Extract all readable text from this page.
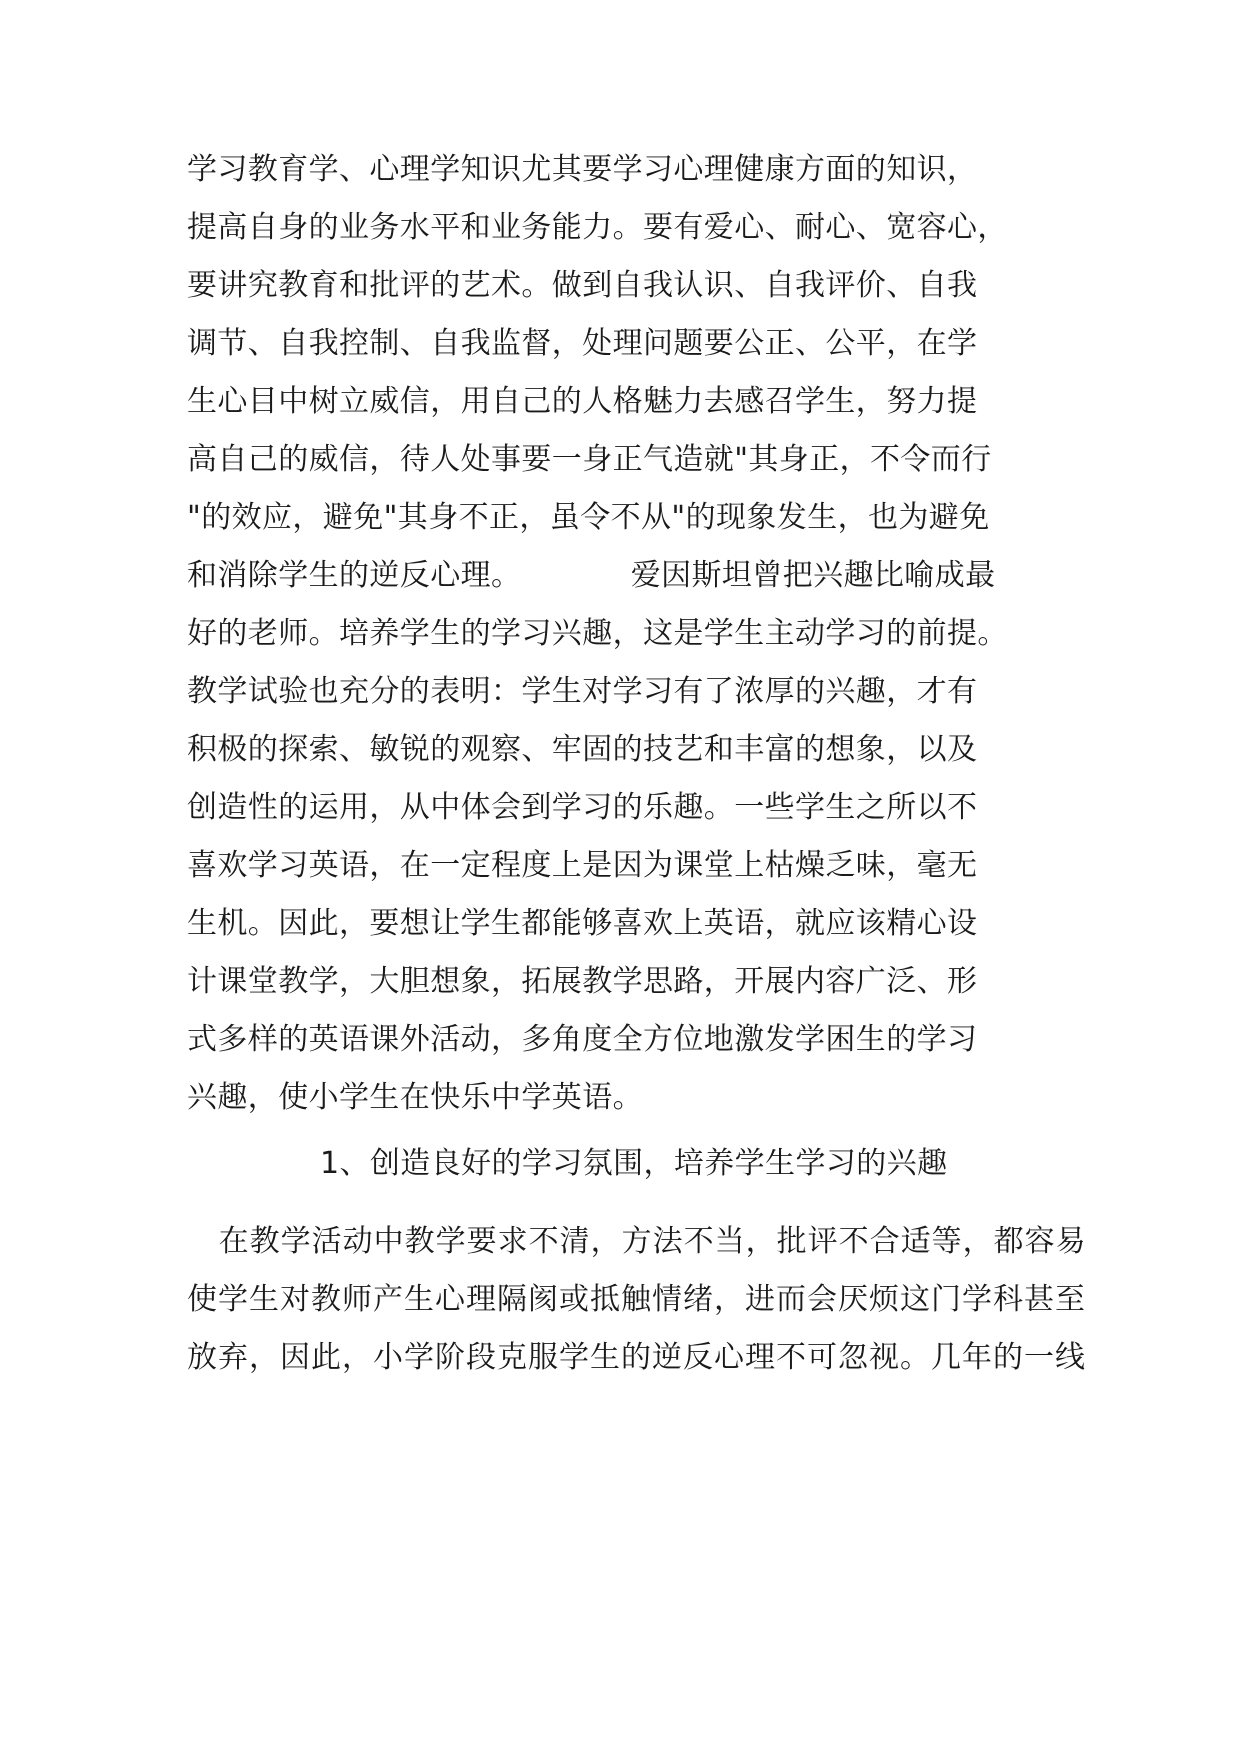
学习教育学、心理学知识尤其要学习心理健康方面的知识，
提高自身的业务水平和业务能力。要有爱心、耐心、宽容心，
要讲究教育和批评的艺术。做到自我认识、自我评价、自我
调节、自我控制、自我监督，处理问题要公正、公平，在学
生心目中树立威信，用自己的人格魅力去感召学生，努力提
高自己的威信，待人处事要一身正气造就"其身正，不令而行
"的效应，避免"其身不正，虽令不从"的现象发生，也为避免
和消除学生的逆反心理。           爱因斯坦曾把兴趣比喻成最
好的老师。培养学生的学习兴趣，这是学生主动学习的前提。
教学试验也充分的表明：学生对学习有了浓厚的兴趣，才有
积极的探索、敏锐的观察、牢固的技艺和丰富的想象，以及
创造性的运用，从中体会到学习的乐趣。一些学生之所以不
喜欢学习英语，在一定程度上是因为课堂上枯燥乏味，毫无
生机。因此，要想让学生都能够喜欢上英语，就应该精心设
计课堂教学，大胆想象，拓展教学思路，开展内容广泛、形
式多样的英语课外活动，多角度全方位地激发学困生的学习
兴趣，使小学生在快乐中学英语。
1、创造良好的学习氛围，培养学生学习的兴趣
在教学活动中教学要求不清，方法不当，批评不合适等，都容易
使学生对教师产生心理隔阂或抵触情绪，进而会厌烦这门学科甚至
放弃，因此，小学阶段克服学生的逆反心理不可忽视。几年的一线
